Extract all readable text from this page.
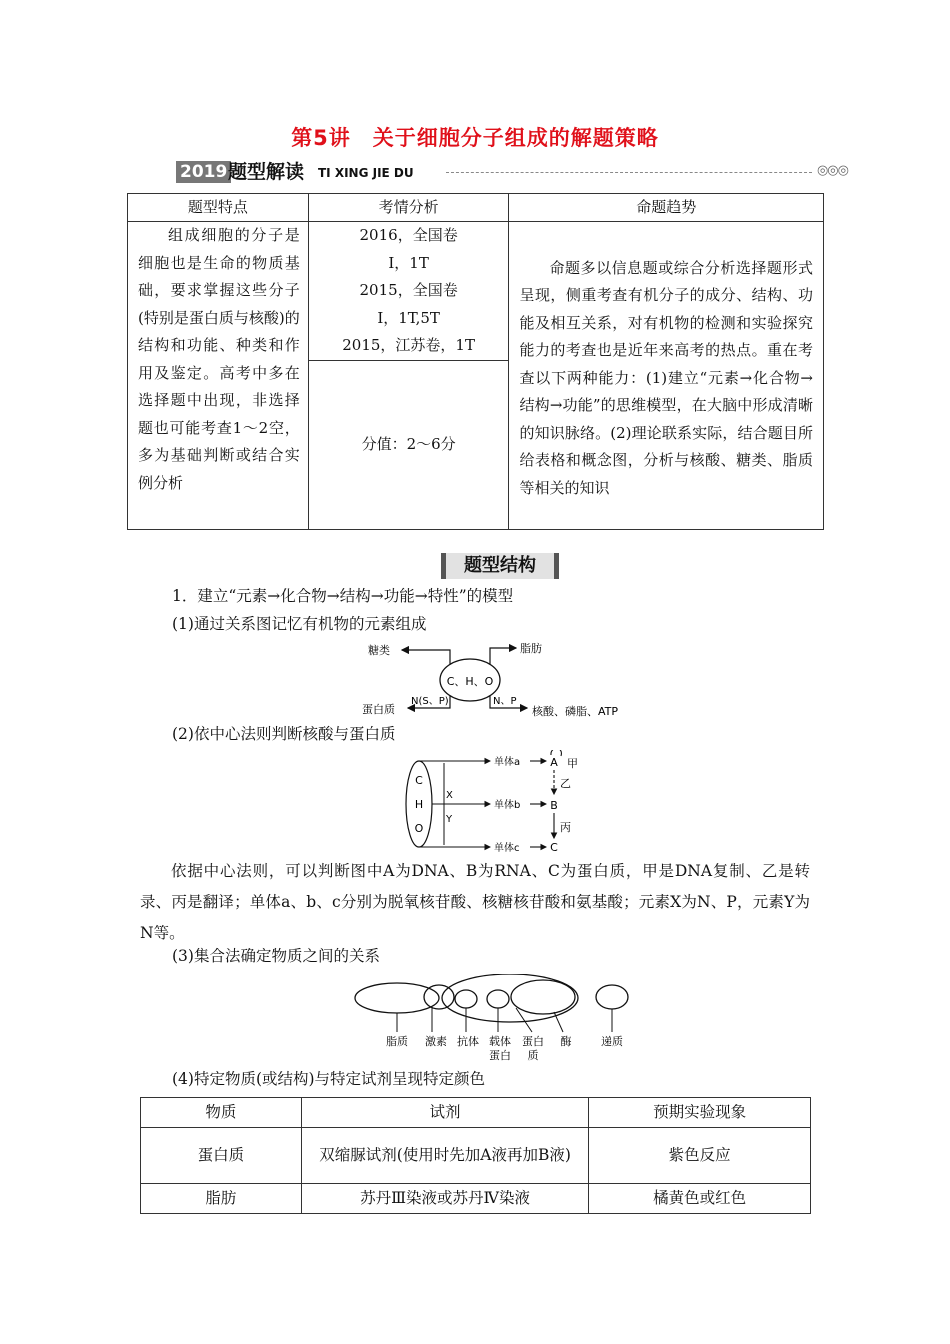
第5讲　关于细胞分子组成的解题策略
2019 题型解读 TI XING JIE DU	◎◎◎
题型特点	考情分析	命题趋势
组成细胞的分子是细胞也是生命的物质基础，要求掌握这些分子(特别是蛋白质与核酸)的结构和功能、种类和作用及鉴定。高考中多在选择题中出现，非选择题也可能考查1～2空，多为基础判断或结合实例分析	2016，全国卷
Ⅰ，1T
2015，全国卷
Ⅰ，1T,5T
2015，江苏卷，1T	命题多以信息题或综合分析选择题形式呈现，侧重考查有机分子的成分、结构、功能及相互关系，对有机物的检测和实验探究能力的考查也是近年来高考的热点。重在考查以下两种能力：(1)建立“元素→化合物→结构→功能”的思维模型，在大脑中形成清晰的知识脉络。(2)理论联系实际，结合题目所给表格和概念图，分析与核酸、糖类、脂质等相关的知识
	分值：2～6分	
题型结构
1．建立“元素→化合物→结构→功能→特性”的模型
(1)通过关系图记忆有机物的元素组成
C、H、O
糖类	脂肪
蛋白质
N(S、P)	N、P
核酸、磷脂、ATP
(2)依中心法则判断核酸与蛋白质
C
H
O
X
Y
单体a
单体b
单体c
A 甲
乙
B
丙
C
依据中心法则，可以判断图中A为DNA、B为RNA、C为蛋白质，甲是DNA复制、乙是转录、丙是翻译；单体a、b、c分别为脱氧核苷酸、核糖核苷酸和氨基酸；元素X为N、P，元素Y为N等。
(3)集合法确定物质之间的关系
脂质 激素 抗体 载体
蛋白
蛋白
质
酶	递质
(4)特定物质(或结构)与特定试剂呈现特定颜色
物质	试剂	预期实验现象
蛋白质	双缩脲试剂(使用时先加A液再加B液)	紫色反应
脂肪	苏丹Ⅲ染液或苏丹Ⅳ染液	橘黄色或红色
